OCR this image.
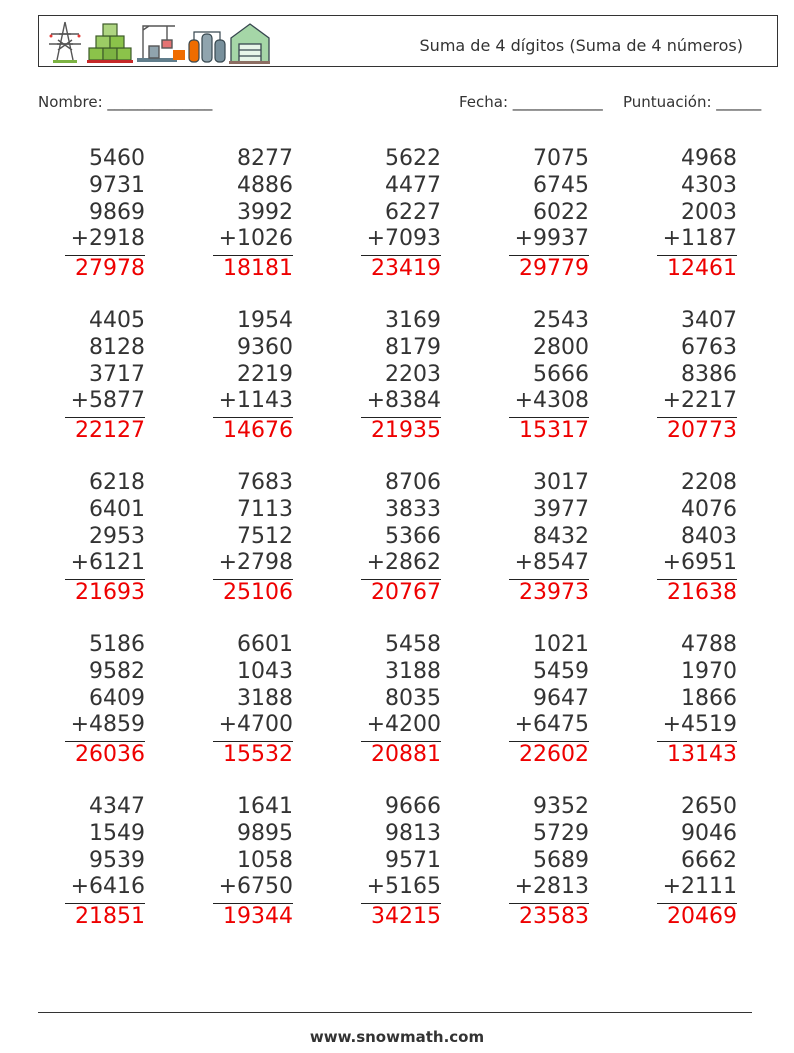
Suma de 4 dígitos (Suma de 4 números)
Nombre: ______________	Fecha: ____________ Puntuación: ______
5460
9731
9869
+2918
27978
8277
4886
3992
+1026
18181
5622
4477
6227
+7093
23419
7075
6745
6022
+9937
29779
4968
4303
2003
+1187
12461
4405
8128
3717
+5877
22127
1954
9360
2219
+1143
14676
3169
8179
2203
+8384
21935
2543
2800
5666
+4308
15317
3407
6763
8386
+2217
20773
6218
6401
2953
+6121
21693
7683
7113
7512
+2798
25106
8706
3833
5366
+2862
20767
3017
3977
8432
+8547
23973
2208
4076
8403
+6951
21638
5186
9582
6409
+4859
26036
6601
1043
3188
+4700
15532
5458
3188
8035
+4200
20881
1021
5459
9647
+6475
22602
4788
1970
1866
+4519
13143
4347
1549
9539
+6416
21851
1641
9895
1058
+6750
19344
9666
9813
9571
+5165
34215
9352
5729
5689
+2813
23583
2650
9046
6662
+2111
20469
www.snowmath.com
